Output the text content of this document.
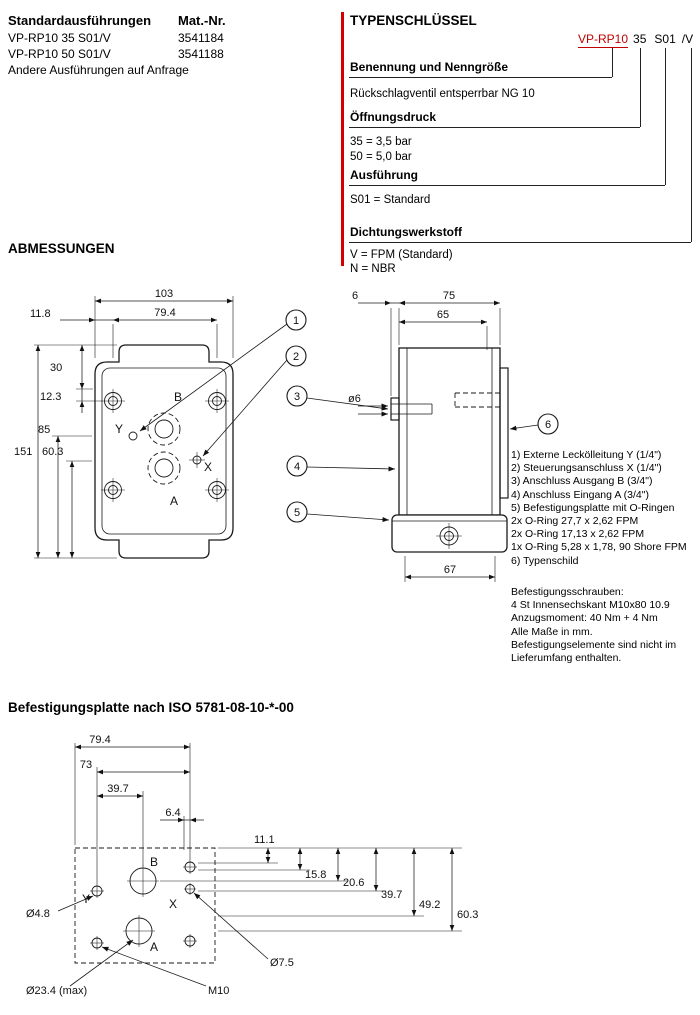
Standardausführungen Mat.-Nr.
VP-RP10 35 S01/V	3541184
VP-RP10 50 S01/V	3541188
Andere Ausführungen auf Anfrage
TYPENSCHLÜSSEL
VP-RP10 35 S01 /V
Benennung und Nenngröße
Rückschlagventil entsperrbar NG 10
Öffnungsdruck
35 = 3,5 bar
50 = 5,0 bar
Ausführung
S01 = Standard
Dichtungswerkstoff
V = FPM (Standard)
N = NBR
ABMESSUNGEN
B
A
Y
X
103
11.8	79.4
30
12.3
85
60.3
151
6	75
65
ø6
67
1
2
3
4
5
6
1) Externe Leckölleitung Y (1/4")
2) Steuerungsanschluss X (1/4")
3) Anschluss Ausgang B (3/4")
4) Anschluss Eingang A (3/4")
5) Befestigungsplatte mit O-Ringen
2x O-Ring 27,7 x 2,62 FPM
2x O-Ring 17,13 x 2,62 FPM
1x O-Ring 5,28 x 1,78, 90 Shore FPM
6) Typenschild
Befestigungsschrauben:
4 St Innensechskant M10x80 10.9
Anzugsmoment: 40 Nm + 4 Nm
Alle Maße in mm.
Befestigungselemente sind nicht im
Lieferumfang enthalten.
Befestigungsplatte nach ISO 5781-08-10-*-00
B
Y	X
A
79.4
73
39.7
6.4
11.1
15.8
20.6
39.7
49.2
60.3
Ø4.8
Ø23.4 (max)	M10
Ø7.5
